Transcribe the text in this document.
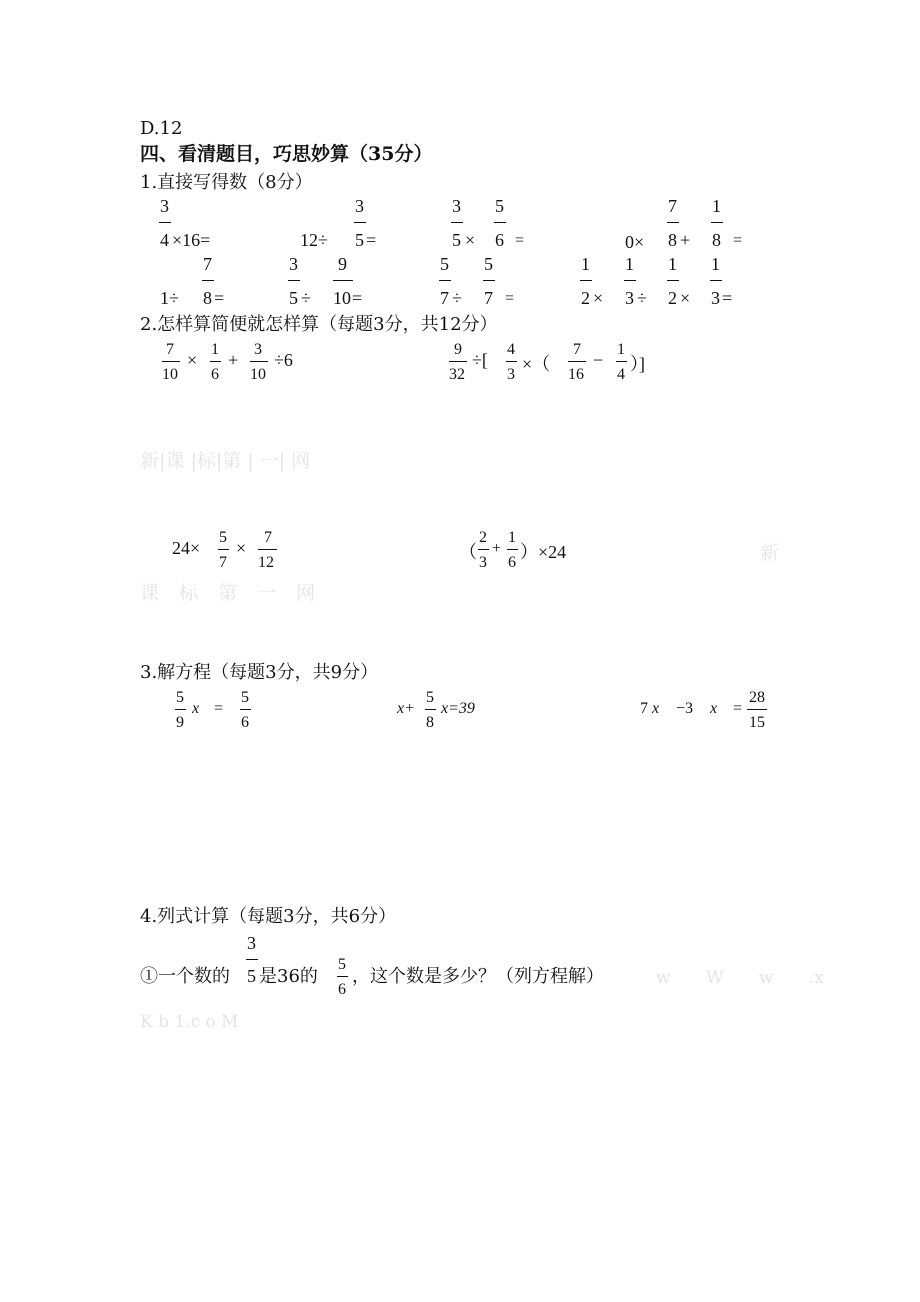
D.12
四、看清题目，巧思妙算（35分）
1.直接写得数（8分）
3
4 ×16=	12÷
3
5 =
3
5 ×
5
6 =	0×
7
8 +
1
8 =
1÷
7
8 =
3
5 ÷
9
10 =
5
7 ÷
5
7 =
1
2 ×
1
3 ÷
1
2 ×
1
3 =
2.怎样算简便就怎样算（每题3分，共12分）
7
10
×
1
6
+
3
10
÷6
9
32
÷[
4
3
×（
7
16
−
1
4
）]
新|课 |标|第 | 一| 网
24×
5
7
×
7
12
（
2
3
+
1
6
）×24	新
课 标 第 一 网
3.解方程（每题3分，共9分）
5
9
x =
5
6
x+
5
8
x=39	7 x −3 x =
28
15
4.列式计算（每题3分，共6分）
①一个数的
3
5 是36的
5
6
，这个数是多少？（列方程解）	w W w .x
K b 1.c o M
